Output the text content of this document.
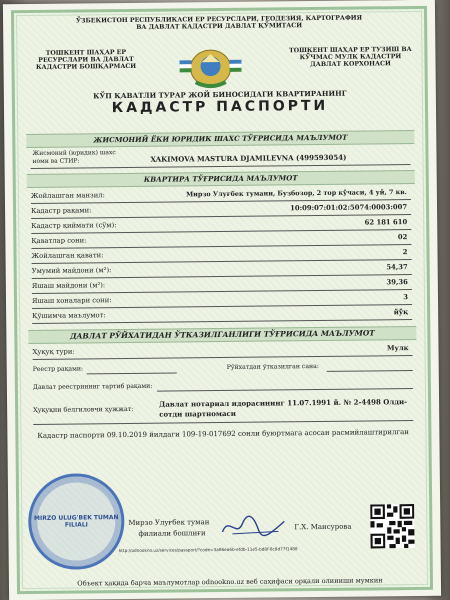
ЎЗБЕКИСТОН РЕСПУБЛИКАСИ ЕР РЕСУРСЛАРИ, ГЕОДЕЗИЯ, КАРТОГРАФИЯ ВА ДАВЛАТ КАДАСТРИ ДАВЛАТ ҚЎМИТАСИ
ТОШКЕНТ ШАҲАР ЕР РЕСУРСЛАРИ ВА ДАВЛАТ КАДАСТРИ БОШҚАРМАСИ
ТОШКЕНТ ШАҲАР ЕР ТУЗИШ ВА КЎЧМАС МУЛК КАДАСТРИ ДАВЛАТ КОРХОНАСИ
КЎП ҚАВАТЛИ ТУРАР ЖОЙ БИНОСИДАГИ КВАРТИРАНИНГ
КАДАСТР ПАСПОРТИ
ЖИСМОНИЙ ЁКИ ЮРИДИК ШАХС ТЎҒРИСИДА МАЪЛУМОТ
Жисмоний (юридик) шахс номи ва СТИР:	XAKIMOVA MASTURA DJAMILEVNA (499593054)
КВАРТИРА ТЎҒРИСИДА МАЪЛУМОТ
Жойлашган манзил:	Мирзо Улуғбек тумани, Бузбозор, 2 тор кўчаси, 4 уй, 7 кв.
Кадастр рақами:	10:09:07:01:02:5074:0003:007
Кадастр қиймати (сўм):	62 181 610
Қаватлар сони:	02
Жойлашган қавати:	2
Умумий майдони (м²):	54,37
Яшаш майдони (м²):	39,36
Яшаш хоналари сони:	3
Қўшимча маълумот:	йўқ
ДАВЛАТ РЎЙХАТИДАН ЎТКАЗИЛГАНЛИГИ ТЎҒРИСИДА МАЪЛУМОТ
Ҳуқуқ тури:	Мулк
Реестр рақами:	Рўйхатдан ўтказилган сана:
Давлат реестрининг тартиб рақами:
Ҳуқуқни белгиловчи ҳужжат:
Давлат нотариал идорасининг 11.07.1991 й. № 2-4498 Олди-сотди шартномаси
Кадастр паспорти 09.10.2019 йилдаги 109-19-017692 сонли буюртмага асосан расмийлаштирилган
MIRZO ULUG'BEK TUMAN FILIALI	Мирзо Улуғбек туман
филиали бошлиғи
Г.Х. Мансурова
http://odnookno.uz/services/passport/?code=3a86ea6b-efdb-11e5-bd8f-8c8d77f1488
Объект ҳақида барча маълумотлар odnookno.uz веб саҳифаси орқали олиниши мумкин
